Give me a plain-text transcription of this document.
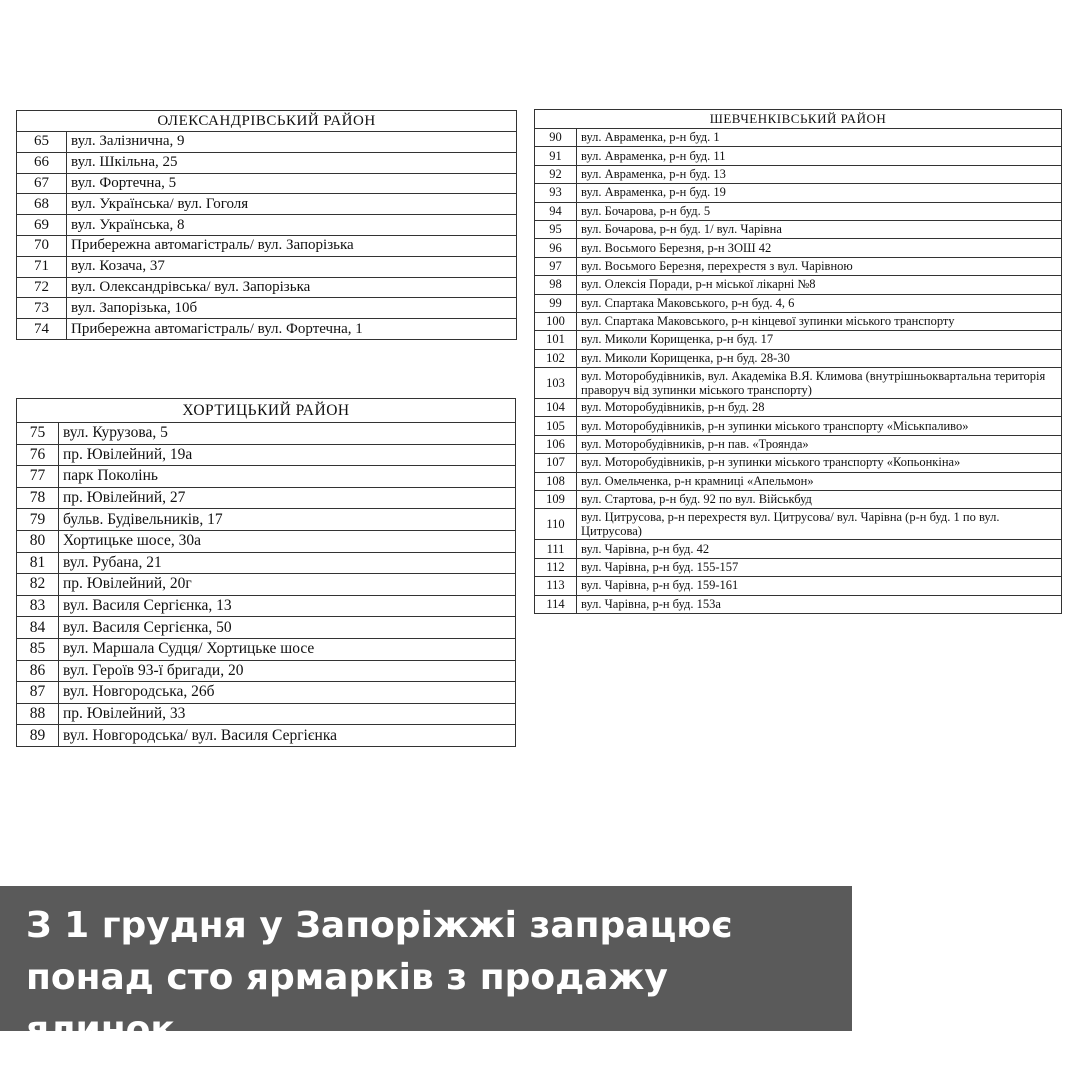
ОЛЕКСАНДРІВСЬКИЙ РАЙОН	
65	вул. Залізнична, 9
66	вул. Шкільна, 25
67	вул. Фортечна, 5
68	вул. Українська/ вул. Гоголя
69	вул. Українська, 8
70	Прибережна автомагістраль/ вул. Запорізька
71	вул. Козача, 37
72	вул. Олександрівська/ вул. Запорізька
73	вул. Запорізька, 10б
74	Прибережна автомагістраль/ вул. Фортечна, 1
ХОРТИЦЬКИЙ РАЙОН	
75	вул. Курузова, 5
76	пр. Ювілейний, 19а
77	парк Поколінь
78	пр. Ювілейний, 27
79	бульв. Будівельників, 17
80	Хортицьке шосе, 30а
81	вул. Рубана, 21
82	пр. Ювілейний, 20г
83	вул. Василя Сергієнка, 13
84	вул. Василя Сергієнка, 50
85	вул. Маршала Судця/ Хортицьке шосе
86	вул. Героїв 93-ї бригади, 20
87	вул. Новгородська, 26б
88	пр. Ювілейний, 33
89	вул. Новгородська/ вул. Василя Сергієнка
ШЕВЧЕНКІВСЬКИЙ РАЙОН	
90	вул. Авраменка, р-н буд. 1
91	вул. Авраменка, р-н буд. 11
92	вул. Авраменка, р-н буд. 13
93	вул. Авраменка, р-н буд. 19
94	вул. Бочарова, р-н буд. 5
95	вул. Бочарова, р-н буд. 1/ вул. Чарівна
96	вул. Восьмого Березня, р-н ЗОШ 42
97	вул. Восьмого Березня, перехрестя з вул. Чарівною
98	вул. Олексія Поради, р-н міської лікарні №8
99	вул. Спартака Маковського, р-н буд. 4, 6
100	вул. Спартака Маковського, р-н кінцевої зупинки міського транспорту
101	вул. Миколи Корищенка, р-н буд. 17
102	вул. Миколи Корищенка, р-н буд. 28-30
103	вул. Моторобудівників, вул. Академіка В.Я. Климова (внутрішньоквартальна територія праворуч від зупинки міського транспорту)
104	вул. Моторобудівників, р-н буд. 28
105	вул. Моторобудівників, р-н зупинки міського транспорту «Міськпаливо»
106	вул. Моторобудівників, р-н пав. «Троянда»
107	вул. Моторобудівників, р-н зупинки міського транспорту «Копьонкіна»
108	вул. Омельченка, р-н крамниці «Апельмон»
109	вул. Стартова, р-н буд. 92 по вул. Військбуд
110	вул. Цитрусова, р-н перехрестя вул. Цитрусова/ вул. Чарівна (р-н буд. 1 по вул. Цитрусова)
111	вул. Чарівна, р-н буд. 42
112	вул. Чарівна, р-н буд. 155-157
113	вул. Чарівна, р-н буд. 159-161
114	вул. Чарівна, р-н буд. 153а

З 1 грудня у Запоріжжі запрацює понад сто ярмарків з продажу ялинок
